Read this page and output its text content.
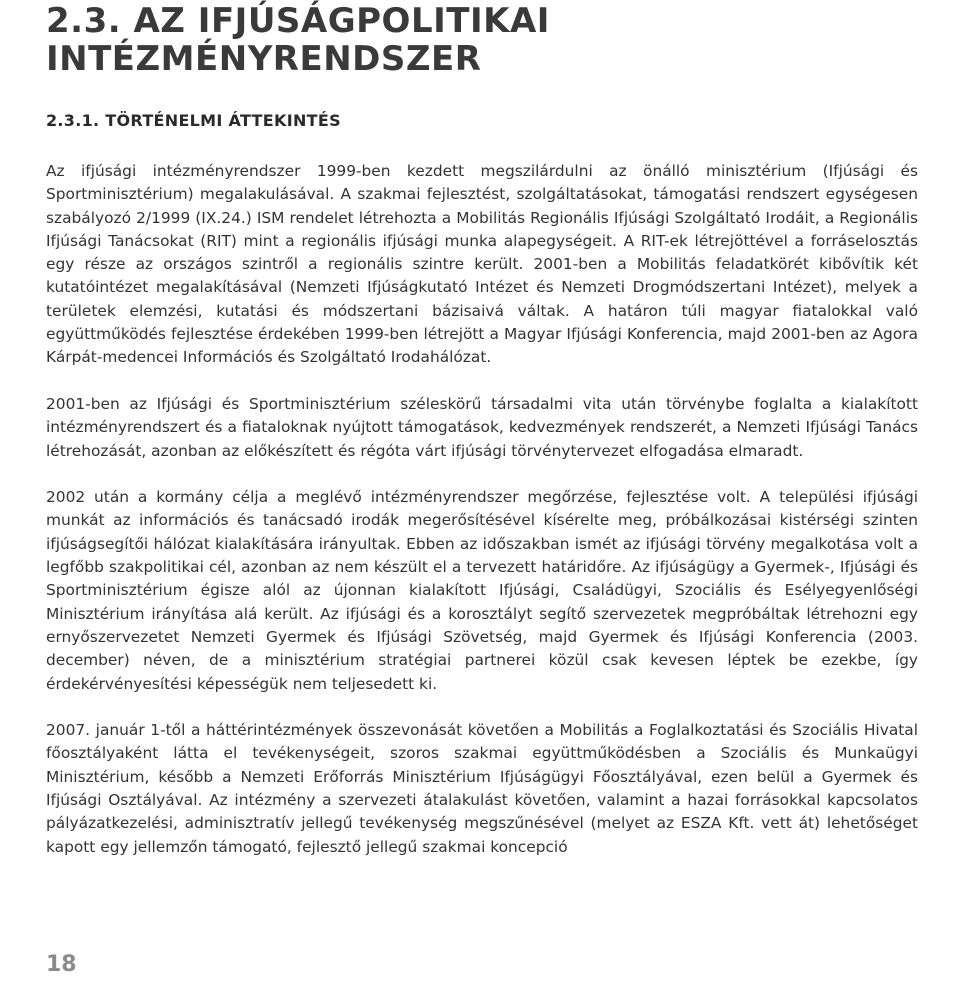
2.3. AZ IFJÚSÁGPOLITIKAI
INTÉZMÉNYRENDSZER
2.3.1. TÖRTÉNELMI ÁTTEKINTÉS

Az ifjúsági intézményrendszer 1999-ben kezdett megszilárdulni az önálló minisztérium (Ifjúsági és Sportminisztérium) megalakulásával. A szakmai fejlesztést, szolgáltatásokat, támogatási rendszert egységesen szabályozó 2/1999 (IX.24.) ISM rendelet létrehozta a Mobilitás Regionális Ifjúsági Szolgáltató Irodáit, a Regionális Ifjúsági Tanácsokat (RIT) mint a regionális ifjúsági munka alapegységeit. A RIT-ek létrejöttével a forráselosztás egy része az országos szintről a regionális szintre került. 2001-ben a Mobilitás feladatkörét kibővítik két kutatóintézet megalakításával (Nemzeti Ifjúságkutató Intézet és Nemzeti Drogmódszertani Intézet), melyek a területek elemzési, kutatási és módszertani bázisaivá váltak. A határon túli magyar fiatalokkal való együttműködés fejlesztése érdekében 1999-ben létrejött a Magyar Ifjúsági Konferencia, majd 2001-ben az Agora Kárpát-medencei Információs és Szolgáltató Irodahálózat.

2001-ben az Ifjúsági és Sportminisztérium széleskörű társadalmi vita után törvénybe foglalta a kialakított intézményrendszert és a fiataloknak nyújtott támogatások, kedvezmények rendszerét, a Nemzeti Ifjúsági Tanács létrehozását, azonban az előkészített és régóta várt ifjúsági törvénytervezet elfogadása elmaradt.

2002 után a kormány célja a meglévő intézményrendszer megőrzése, fejlesztése volt. A települési ifjúsági munkát az információs és tanácsadó irodák megerősítésével kísérelte meg, próbálkozásai kistérségi szinten ifjúságsegítői hálózat kialakítására irányultak. Ebben az időszakban ismét az ifjúsági törvény megalkotása volt a legfőbb szakpolitikai cél, azonban az nem készült el a tervezett határidőre. Az ifjúságügy a Gyermek-, Ifjúsági és Sportminisztérium égisze alól az újonnan kialakított Ifjúsági, Családügyi, Szociális és Esélyegyenlőségi Minisztérium irányítása alá került. Az ifjúsági és a korosztályt segítő szervezetek megpróbáltak létrehozni egy ernyőszervezetet Nemzeti Gyermek és Ifjúsági Szövetség, majd Gyermek és Ifjúsági Konferencia (2003. december) néven, de a minisztérium stratégiai partnerei közül csak kevesen léptek be ezekbe, így érdekérvényesítési képességük nem teljesedett ki.

2007. január 1-től a háttérintézmények összevonását követően a Mobilitás a Foglalkoztatási és Szociális Hivatal főosztályaként látta el tevékenységeit, szoros szakmai együttműködésben a Szociális és Munkaügyi Minisztérium, később a Nemzeti Erőforrás Minisztérium Ifjúságügyi Főosztályával, ezen belül a Gyermek és Ifjúsági Osztályával. Az intézmény a szervezeti átalakulást követően, valamint a hazai forrásokkal kapcsolatos pályázatkezelési, adminisztratív jellegű tevékenység megszűnésével (melyet az ESZA Kft. vett át) lehetőséget kapott egy jellemzőn támogató, fejlesztő jellegű szakmai koncepció

18
